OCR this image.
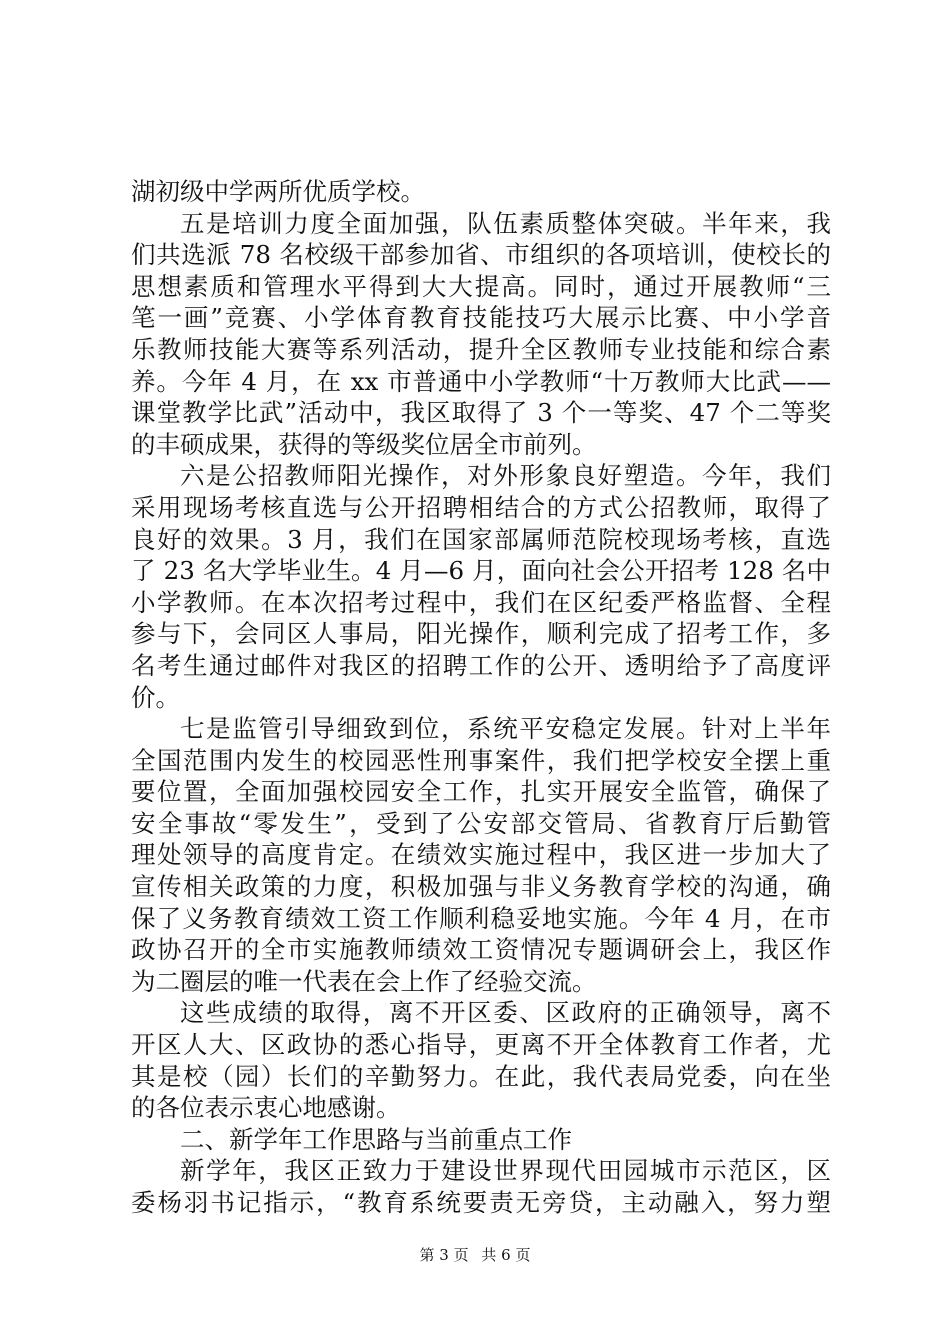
湖初级中学两所优质学校。
五是培训力度全面加强，队伍素质整体突破。半年来，我
们共选派 78 名校级干部参加省、市组织的各项培训，使校长的
思想素质和管理水平得到大大提高。同时，通过开展教师“三
笔一画”竞赛、小学体育教育技能技巧大展示比赛、中小学音
乐教师技能大赛等系列活动，提升全区教师专业技能和综合素
养。今年 4 月，在 xx 市普通中小学教师“十万教师大比武——
课堂教学比武”活动中，我区取得了 3 个一等奖、47 个二等奖
的丰硕成果，获得的等级奖位居全市前列。
六是公招教师阳光操作，对外形象良好塑造。今年，我们
采用现场考核直选与公开招聘相结合的方式公招教师，取得了
良好的效果。3 月，我们在国家部属师范院校现场考核，直选
了 23 名大学毕业生。4 月—6 月，面向社会公开招考 128 名中
小学教师。在本次招考过程中，我们在区纪委严格监督、全程
参与下，会同区人事局，阳光操作，顺利完成了招考工作，多
名考生通过邮件对我区的招聘工作的公开、透明给予了高度评
价。
七是监管引导细致到位，系统平安稳定发展。针对上半年
全国范围内发生的校园恶性刑事案件，我们把学校安全摆上重
要位置，全面加强校园安全工作，扎实开展安全监管，确保了
安全事故“零发生”，受到了公安部交管局、省教育厅后勤管
理处领导的高度肯定。在绩效实施过程中，我区进一步加大了
宣传相关政策的力度，积极加强与非义务教育学校的沟通，确
保了义务教育绩效工资工作顺利稳妥地实施。今年 4 月，在市
政协召开的全市实施教师绩效工资情况专题调研会上，我区作
为二圈层的唯一代表在会上作了经验交流。
这些成绩的取得，离不开区委、区政府的正确领导，离不
开区人大、区政协的悉心指导，更离不开全体教育工作者，尤
其是校（园）长们的辛勤努力。在此，我代表局党委，向在坐
的各位表示衷心地感谢。
二、新学年工作思路与当前重点工作
新学年，我区正致力于建设世界现代田园城市示范区，区
委杨羽书记指示，“教育系统要责无旁贷，主动融入，努力塑
第 3 页 共 6 页
